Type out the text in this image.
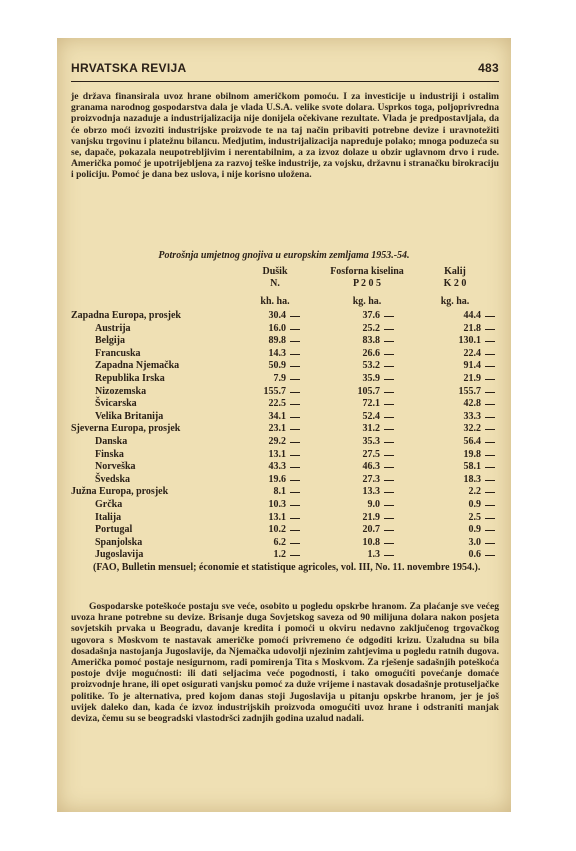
HRVATSKA REVIJA	483
je država finansirala uvoz hrane obilnom američkom pomoću. I za investicije u industriji i ostalim granama narodnog gospodarstva dala je vlada U.S.A. velike svote dolara. Usprkos toga, poljoprivredna proizvodnja nazaduje a industrijalizacija nije donijela očekivane rezultate. Vlada je predpostavljala, da će obrzo moći izvoziti industrijske proizvode te na taj način pribaviti potrebne devize i uravnotežiti vanjsku trgovinu i platežnu bilancu. Medjutim, industrijalizacija napreduje polako; mnoga poduzeća su se, dapače, pokazala neupotrebljivim i nerentabilnim, a za izvoz dolaze u obzir uglavnom drvo i rude. Američka pomoć je upotrijebljena za razvoj teške industrije, za vojsku, državnu i stranačku birokraciju i policiju. Pomoć je dana bez uslova, i nije korisno uložena.
Potrošnja umjetnog gnojiva u europskim zemljama 1953.-54.
Dušik
N.
Fosforna kiselina
P 2 0 5
Kalij
K 2 0
kh. ha.	kg. ha.	kg. ha.
Zapadna Europa, prosjek	30.4	37.6	44.4
Austrija	16.0	25.2	21.8
Belgija	89.8	83.8	130.1
Francuska	14.3	26.6	22.4
Zapadna Njemačka	50.9	53.2	91.4
Republika Irska	7.9	35.9	21.9
Nizozemska	155.7	105.7	155.7
Švicarska	22.5	72.1	42.8
Velika Britanija	34.1	52.4	33.3
Sjeverna Europa, prosjek	23.1	31.2	32.2
Danska	29.2	35.3	56.4
Finska	13.1	27.5	19.8
Norveška	43.3	46.3	58.1
Švedska	19.6	27.3	18.3
Južna Europa, prosjek	8.1	13.3	2.2
Grčka	10.3	9.0	0.9
Italija	13.1	21.9	2.5
Portugal	10.2	20.7	0.9
Spanjolska	6.2	10.8	3.0
Jugoslavija	1.2	1.3	0.6
(FAO, Bulletin mensuel; économie et statistique agricoles, vol. III, No. 11. novembre 1954.).
Gospodarske poteškoće postaju sve veće, osobito u pogledu opskrbe hranom. Za plaćanje sve većeg uvoza hrane potrebne su devize. Brisanje duga Sovjetskog saveza od 90 milijuna dolara nakon posjeta sovjetskih prvaka u Beogradu, davanje kredita i pomoći u okviru nedavno zaključenog trgovačkog ugovora s Moskvom te nastavak američke pomoći privremeno će odgoditi krizu. Uzaludna su bila dosadašnja nastojanja Jugoslavije, da Njemačka udovolji njezinim zahtjevima u pogledu ratnih dugova. Američka pomoć postaje nesigurnom, radi pomirenja Tita s Moskvom. Za rješenje sadašnjih poteškoća postoje dvije mogućnosti: ili dati seljacima veće pogodnosti, i tako omogućiti povećanje domaće proizvodnje hrane, ili opet osigurati vanjsku pomoć za duže vrijeme i nastavak dosadašnje protuseljačke politike. To je alternativa, pred kojom danas stoji Jugoslavija u pitanju opskrbe hranom, jer je još uvijek daleko dan, kada će izvoz industrijskih proizvoda omogućiti uvoz hrane i odstraniti manjak deviza, čemu su se beogradski vlastodršci zadnjih godina uzalud nadali.
